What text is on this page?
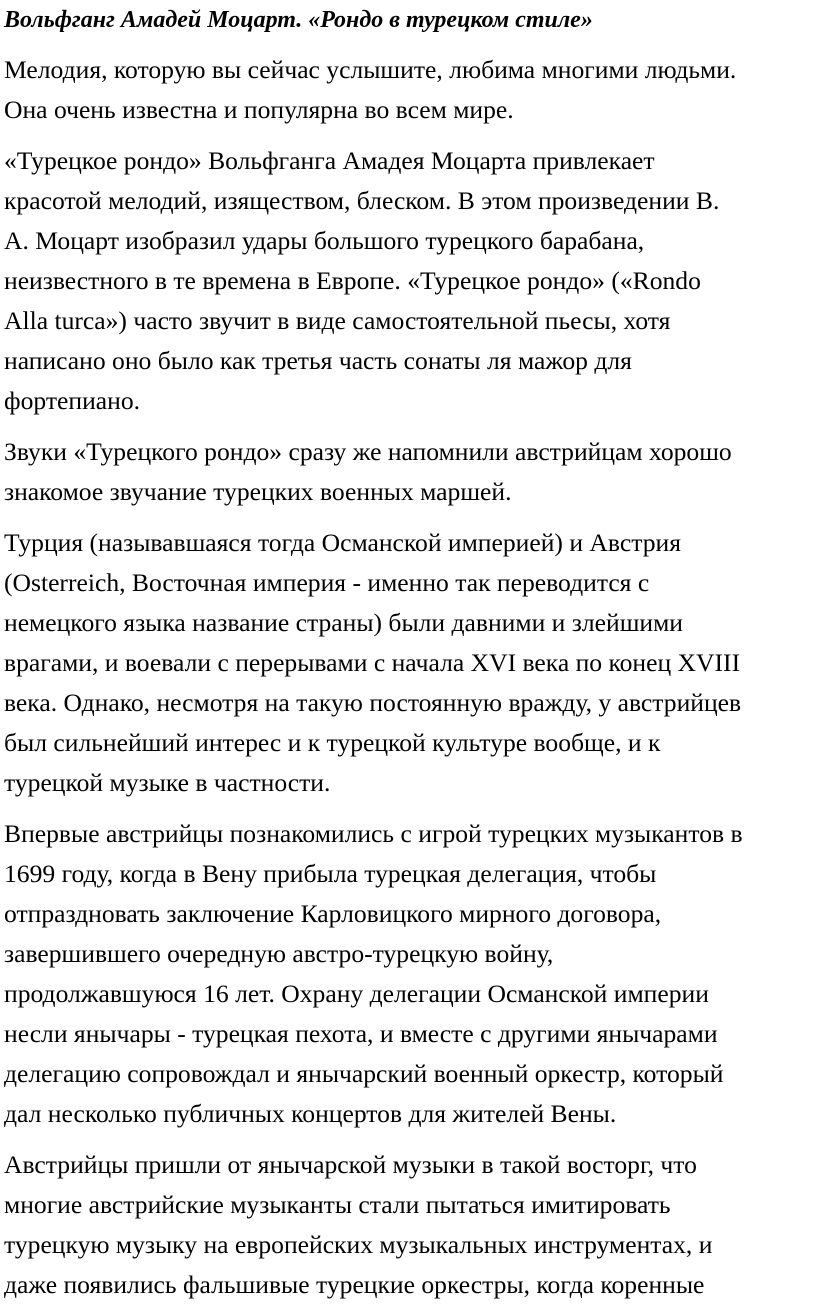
Вольфганг Амадей Моцарт. «Рондо в турецком стиле»
Мелодия, которую вы сейчас услышите, любима многими людьми.
Она очень известна и популярна во всем мире.
«Турецкое рондо» Вольфганга Амадея Моцарта привлекает
красотой мелодий, изяществом, блеском. В этом произведении В.
А. Моцарт изобразил удары большого турецкого барабана,
неизвестного в те времена в Европе. «Турецкое рондо» («Rondo
Alla turca») часто звучит в виде самостоятельной пьесы, хотя
написано оно было как третья часть сонаты ля мажор для
фортепиано.
Звуки «Турецкого рондо» сразу же напомнили австрийцам хорошо
знакомое звучание турецких военных маршей.
Турция (называвшаяся тогда Османской империей) и Австрия
(Osterreich, Восточная империя - именно так переводится с
немецкого языка название страны) были давними и злейшими
врагами, и воевали с перерывами с начала XVI века по конец XVIII
века. Однако, несмотря на такую постоянную вражду, у австрийцев
был сильнейший интерес и к турецкой культуре вообще, и к
турецкой музыке в частности.
Впервые австрийцы познакомились с игрой турецких музыкантов в
1699 году, когда в Вену прибыла турецкая делегация, чтобы
отпраздновать заключение Карловицкого мирного договора,
завершившего очередную австро-турецкую войну,
продолжавшуюся 16 лет. Охрану делегации Османской империи
несли янычары - турецкая пехота, и вместе с другими янычарами
делегацию сопровождал и янычарский военный оркестр, который
дал несколько публичных концертов для жителей Вены.
Австрийцы пришли от янычарской музыки в такой восторг, что
многие австрийские музыканты стали пытаться имитировать
турецкую музыку на европейских музыкальных инструментах, и
даже появились фальшивые турецкие оркестры, когда коренные
